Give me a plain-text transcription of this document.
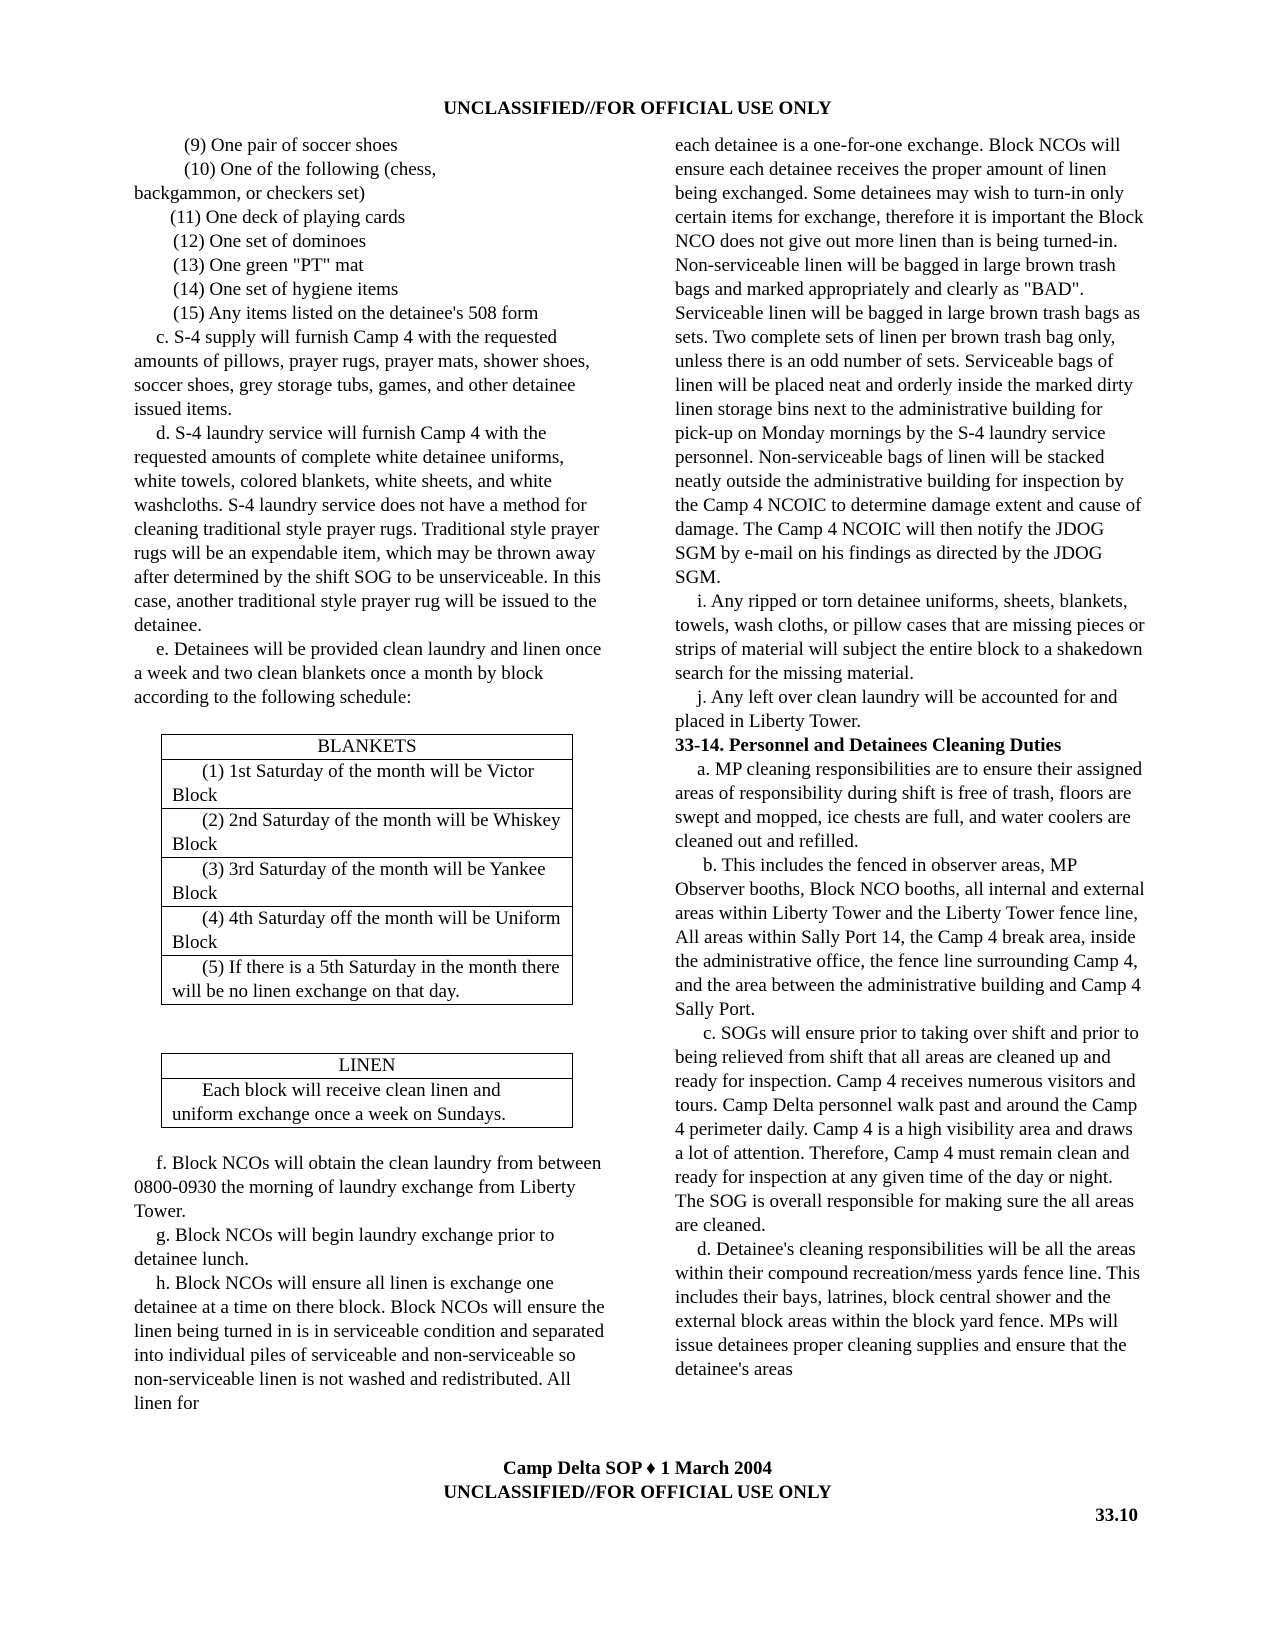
UNCLASSIFIED//FOR OFFICIAL USE ONLY

(9) One pair of soccer shoes

(10) One of the following (chess,

backgammon, or checkers set)

(11) One deck of playing cards

(12) One set of dominoes

(13) One green "PT" mat

(14) One set of hygiene items

(15) Any items listed on the detainee's 508 form

c. S-4 supply will furnish Camp 4 with the requested amounts of pillows, prayer rugs, prayer mats, shower shoes, soccer shoes, grey storage tubs, games, and other detainee issued items.

d. S-4 laundry service will furnish Camp 4 with the requested amounts of complete white detainee uniforms, white towels, colored blankets, white sheets, and white washcloths. S-4 laundry service does not have a method for cleaning traditional style prayer rugs. Traditional style prayer rugs will be an expendable item, which may be thrown away after determined by the shift SOG to be unserviceable. In this case, another traditional style prayer rug will be issued to the detainee.

e. Detainees will be provided clean laundry and linen once a week and two clean blankets once a month by block according to the following schedule:

BLANKETS

(1) 1st Saturday of the month will be Victor Block

(2) 2nd Saturday of the month will be Whiskey Block

(3) 3rd Saturday of the month will be Yankee Block

(4) 4th Saturday off the month will be Uniform Block

(5) If there is a 5th Saturday in the month there will be no linen exchange on that day.
LINEN

Each block will receive clean linen and uniform exchange once a week on Sundays.

f. Block NCOs will obtain the clean laundry from between 0800-0930 the morning of laundry exchange from Liberty Tower.

g. Block NCOs will begin laundry exchange prior to detainee lunch.

h. Block NCOs will ensure all linen is exchange one detainee at a time on there block. Block NCOs will ensure the linen being turned in is in serviceable condition and separated into individual piles of serviceable and non-serviceable so non-serviceable linen is not washed and redistributed. All linen for

each detainee is a one-for-one exchange. Block NCOs will ensure each detainee receives the proper amount of linen being exchanged. Some detainees may wish to turn-in only certain items for exchange, therefore it is important the Block NCO does not give out more linen than is being turned-in. Non-serviceable linen will be bagged in large brown trash bags and marked appropriately and clearly as "BAD". Serviceable linen will be bagged in large brown trash bags as sets. Two complete sets of linen per brown trash bag only, unless there is an odd number of sets. Serviceable bags of linen will be placed neat and orderly inside the marked dirty linen storage bins next to the administrative building for pick-up on Monday mornings by the S-4 laundry service personnel. Non-serviceable bags of linen will be stacked neatly outside the administrative building for inspection by the Camp 4 NCOIC to determine damage extent and cause of damage. The Camp 4 NCOIC will then notify the JDOG SGM by e-mail on his findings as directed by the JDOG SGM.

i. Any ripped or torn detainee uniforms, sheets, blankets, towels, wash cloths, or pillow cases that are missing pieces or strips of material will subject the entire block to a shakedown search for the missing material.

j. Any left over clean laundry will be accounted for and placed in Liberty Tower.

33-14. Personnel and Detainees Cleaning Duties

a. MP cleaning responsibilities are to ensure their assigned areas of responsibility during shift is free of trash, floors are swept and mopped, ice chests are full, and water coolers are cleaned out and refilled.

b. This includes the fenced in observer areas, MP Observer booths, Block NCO booths, all internal and external areas within Liberty Tower and the Liberty Tower fence line, All areas within Sally Port 14, the Camp 4 break area, inside the administrative office, the fence line surrounding Camp 4, and the area between the administrative building and Camp 4 Sally Port.

c. SOGs will ensure prior to taking over shift and prior to being relieved from shift that all areas are cleaned up and ready for inspection. Camp 4 receives numerous visitors and tours. Camp Delta personnel walk past and around the Camp 4 perimeter daily. Camp 4 is a high visibility area and draws a lot of attention. Therefore, Camp 4 must remain clean and ready for inspection at any given time of the day or night. The SOG is overall responsible for making sure the all areas are cleaned.

d. Detainee's cleaning responsibilities will be all the areas within their compound recreation/mess yards fence line. This includes their bays, latrines, block central shower and the external block areas within the block yard fence. MPs will issue detainees proper cleaning supplies and ensure that the detainee's areas

Camp Delta SOP ♦ 1 March 2004
UNCLASSIFIED//FOR OFFICIAL USE ONLY
33.10
